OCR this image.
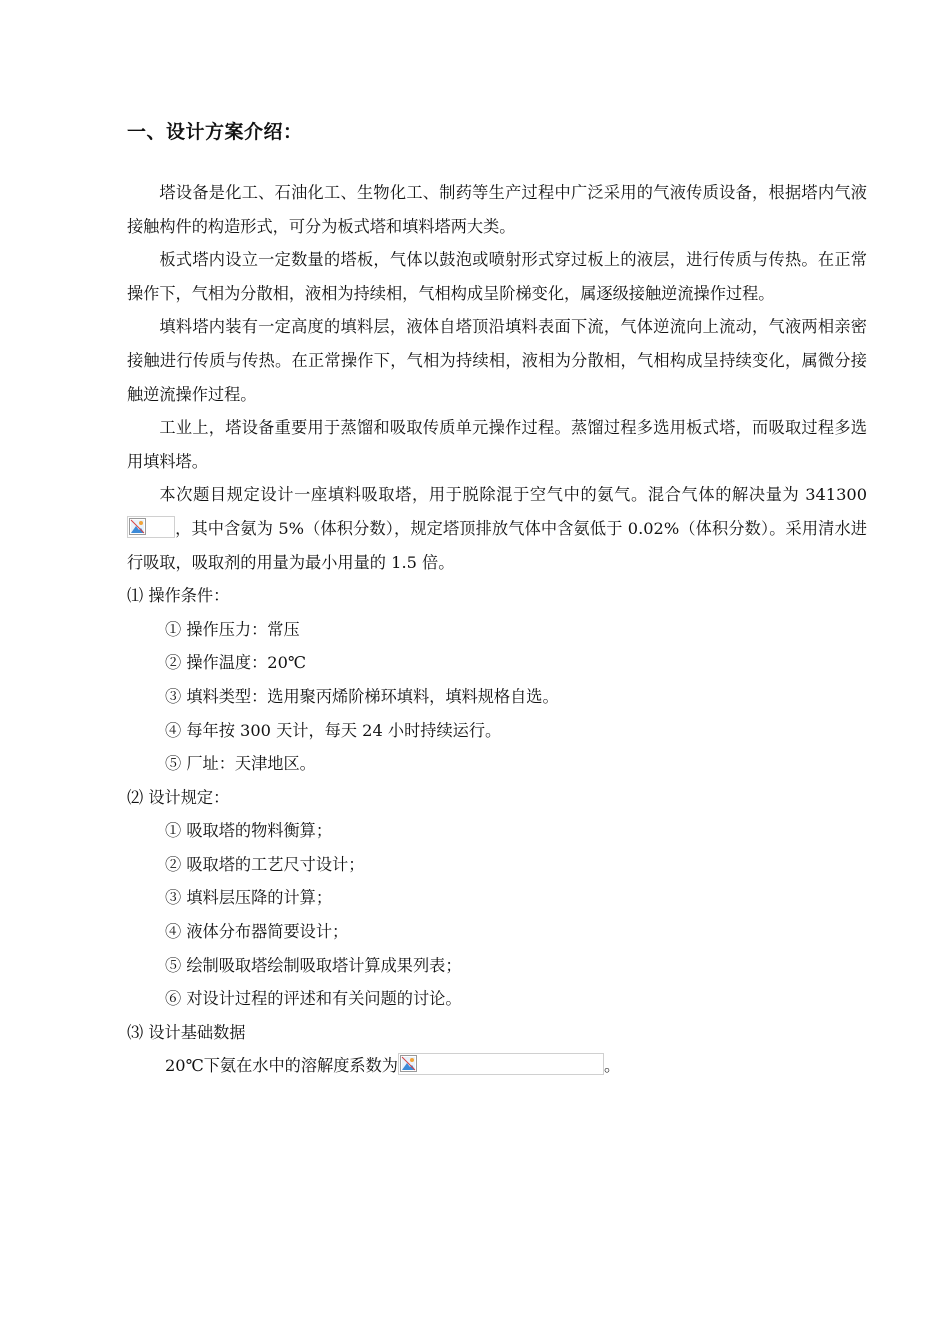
一、设计方案介绍：

塔设备是化工、石油化工、生物化工、制药等生产过程中广泛采用的气液传质设备，根据塔内气液接触构件的构造形式，可分为板式塔和填料塔两大类。

板式塔内设立一定数量的塔板，气体以鼓泡或喷射形式穿过板上的液层，进行传质与传热。在正常操作下，气相为分散相，液相为持续相，气相构成呈阶梯变化，属逐级接触逆流操作过程。

填料塔内装有一定高度的填料层，液体自塔顶沿填料表面下流，气体逆流向上流动，气液两相亲密接触进行传质与传热。在正常操作下，气相为持续相，液相为分散相，气相构成呈持续变化，属微分接触逆流操作过程。

工业上，塔设备重要用于蒸馏和吸取传质单元操作过程。蒸馏过程多选用板式塔，而吸取过程多选用填料塔。

本次题目规定设计一座填料吸取塔，用于脱除混于空气中的氨气。混合气体的解决量为 341300
，其中含氨为 5%（体积分数），规定塔顶排放气体中含氨低于 0.02%（体积分数）。采用清水进行吸取，吸取剂的用量为最小用量的 1.5 倍。

⑴ 操作条件：

① 操作压力：常压

② 操作温度：20℃

③ 填料类型：选用聚丙烯阶梯环填料，填料规格自选。

④ 每年按 300 天计，每天 24 小时持续运行。

⑤ 厂址：天津地区。

⑵ 设计规定：

① 吸取塔的物料衡算；

② 吸取塔的工艺尺寸设计；

③ 填料层压降的计算；

④ 液体分布器简要设计；

⑤ 绘制吸取塔绘制吸取塔计算成果列表；

⑥ 对设计过程的评述和有关问题的讨论。

⑶ 设计基础数据

20℃下氨在水中的溶解度系数为	。
